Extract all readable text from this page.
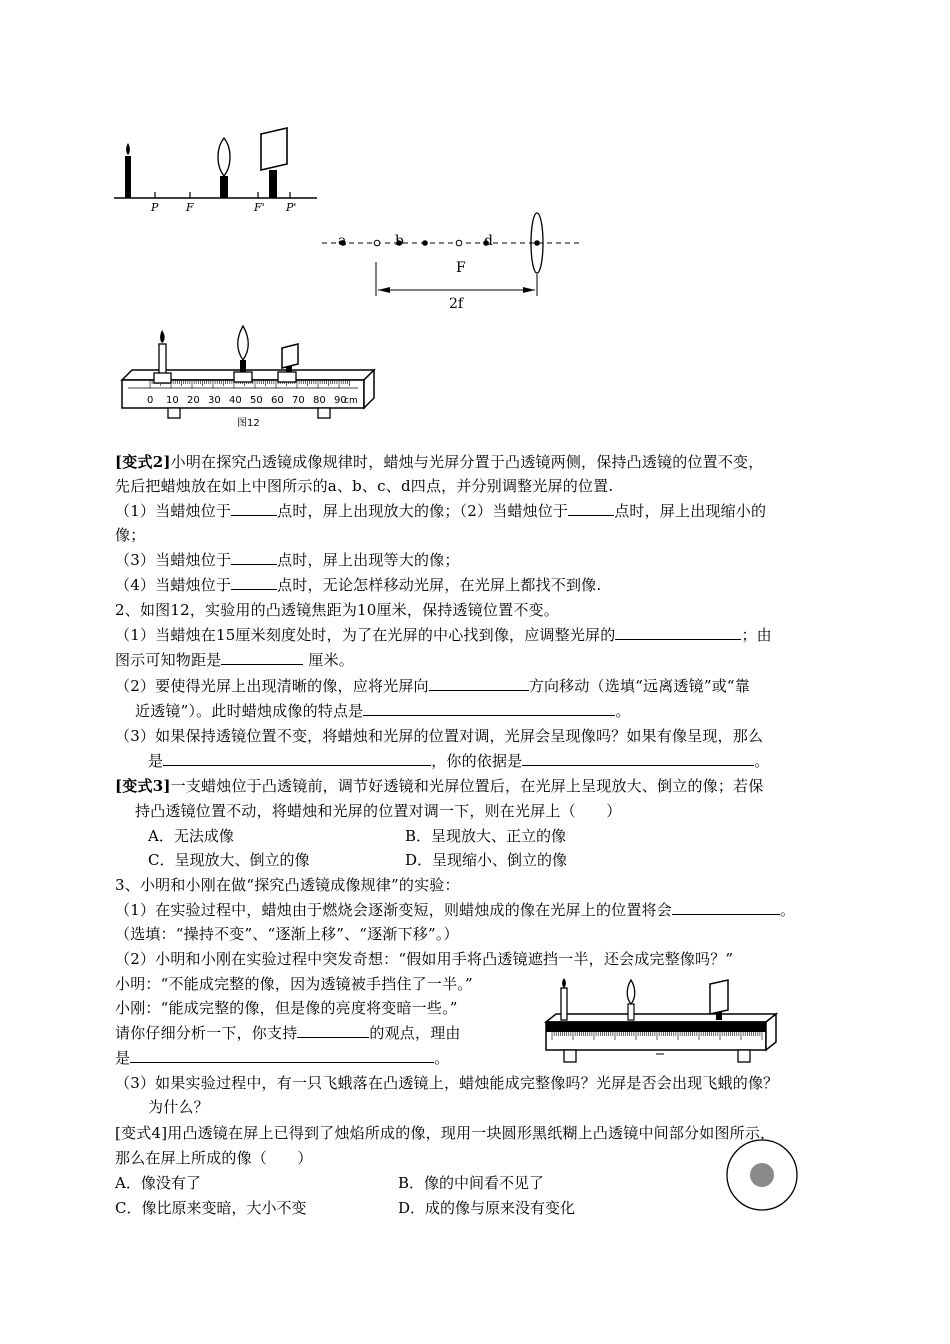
P	F	F' P'
a	b	d
F
2f
0 10 20 30 40 50 60 70 80 90
cm
图12
[变式2]小明在探究凸透镜成像规律时，蜡烛与光屏分置于凸透镜两侧，保持凸透镜的位置不变，
先后把蜡烛放在如上中图所示的a、b、c、d四点，并分别调整光屏的位置.
（1）当蜡烛位于	点时，屏上出现放大的像；（2）当蜡烛位于	点时，屏上出现缩小的
像；
（3）当蜡烛位于	点时，屏上出现等大的像；
（4）当蜡烛位于	点时，无论怎样移动光屏，在光屏上都找不到像.
2、如图12，实验用的凸透镜焦距为10厘米，保持透镜位置不变。
（1）当蜡烛在15厘米刻度处时，为了在光屏的中心找到像，应调整光屏的	；由
图示可知物距是	厘米。
（2）要使得光屏上出现清晰的像，应将光屏向	方向移动（选填“远离透镜”或“靠
近透镜”）。此时蜡烛成像的特点是	。
（3）如果保持透镜位置不变，将蜡烛和光屏的位置对调，光屏会呈现像吗？如果有像呈现，那么
是	，你的依据是	。
[变式3]一支蜡烛位于凸透镜前，调节好透镜和光屏位置后，在光屏上呈现放大、倒立的像；若保
持凸透镜位置不动，将蜡烛和光屏的位置对调一下，则在光屏上（　　）
A．无法成像	B．呈现放大、正立的像
C．呈现放大、倒立的像	D．呈现缩小、倒立的像
3、小明和小刚在做“探究凸透镜成像规律”的实验：
（1）在实验过程中，蜡烛由于燃烧会逐渐变短，则蜡烛成的像在光屏上的位置将会	。
（选填：“操持不变”、“逐渐上移”、“逐渐下移”。）
（2）小明和小刚在实验过程中突发奇想：“假如用手将凸透镜遮挡一半，还会成完整像吗？”
小明：“不能成完整的像，因为透镜被手挡住了一半。”
小刚：“能成完整的像，但是像的亮度将变暗一些。”
请你仔细分析一下，你支持	的观点，理由
是	。
（3）如果实验过程中，有一只飞蛾落在凸透镜上，蜡烛能成完整像吗？光屏是否会出现飞蛾的像？
为什么？
[变式4]用凸透镜在屏上已得到了烛焰所成的像，现用一块圆形黑纸糊上凸透镜中间部分如图所示，
那么在屏上所成的像（　　）
A．像没有了	B．像的中间看不见了
C．像比原来变暗，大小不变	D．成的像与原来没有变化
